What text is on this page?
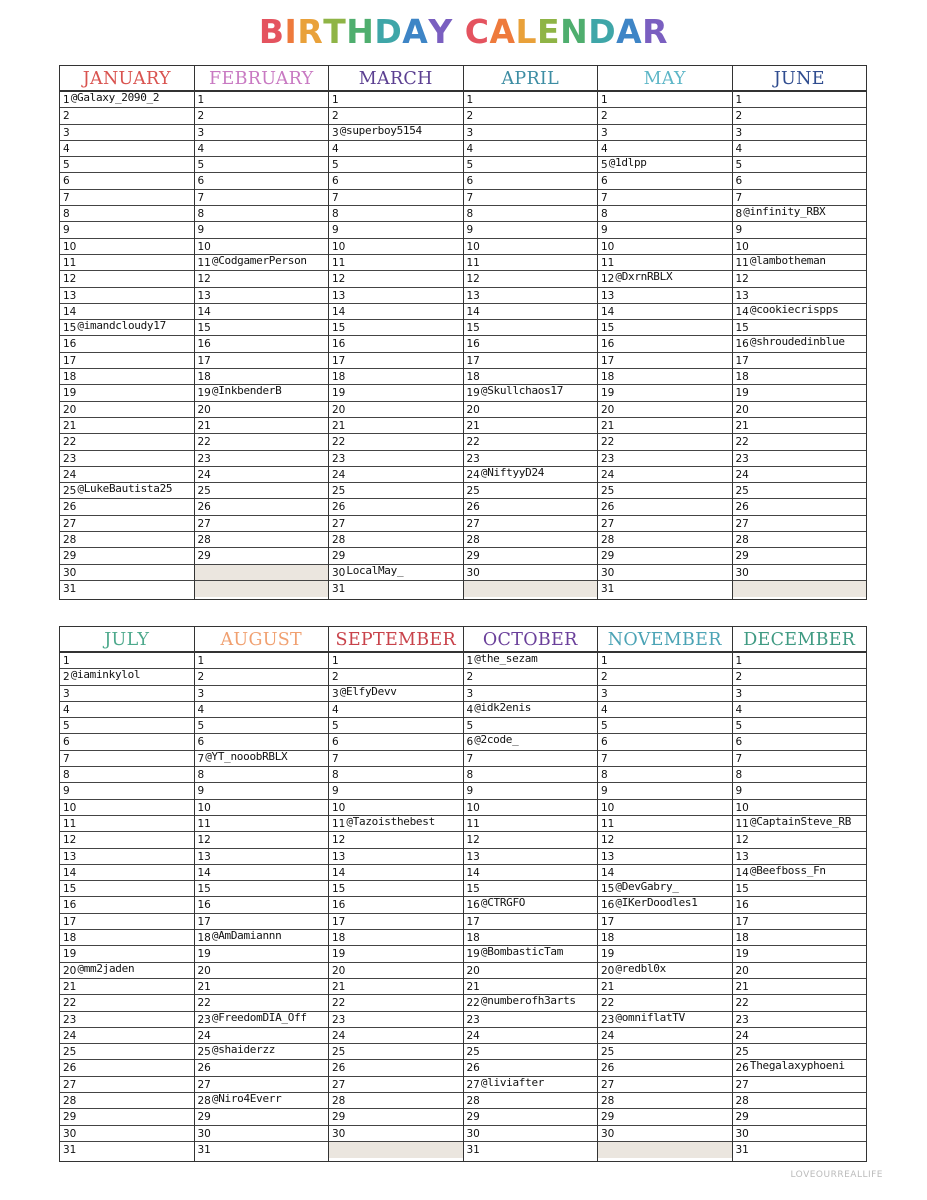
BIRTHDAY CALENDAR
JANUARY
1@Galaxy_2090_2
2
3
4
5
6
7
8
9
10
11
12
13
14
15@imandcloudy17
16
17
18
19
20
21
22
23
24
25@LukeBautista25
26
27
28
29
30
31
FEBRUARY
1
2
3
4
5
6
7
8
9
10
11@CodgamerPerson
12
13
14
15
16
17
18
19@InkbenderB
20
21
22
23
24
25
26
27
28
29
MARCH
1
2
3@superboy5154
4
5
6
7
8
9
10
11
12
13
14
15
16
17
18
19
20
21
22
23
24
25
26
27
28
29
30LocalMay_
31
APRIL
1
2
3
4
5
6
7
8
9
10
11
12
13
14
15
16
17
18
19@Skullchaos17
20
21
22
23
24@NiftyyD24
25
26
27
28
29
30
MAY
1
2
3
4
5@1dlpp
6
7
8
9
10
11
12@DxrnRBLX
13
14
15
16
17
18
19
20
21
22
23
24
25
26
27
28
29
30
31
JUNE
1
2
3
4
5
6
7
8@infinity_RBX
9
10
11@lambotheman
12
13
14@cookiecrispps
15
16@shroudedinblue
17
18
19
20
21
22
23
24
25
26
27
28
29
30
JULY
1
2@iaminkylol
3
4
5
6
7
8
9
10
11
12
13
14
15
16
17
18
19
20@mm2jaden
21
22
23
24
25
26
27
28
29
30
31
AUGUST
1
2
3
4
5
6
7@YT_nooobRBLX
8
9
10
11
12
13
14
15
16
17
18@AmDamiannn
19
20
21
22
23@FreedomDIA_Off
24
25@shaiderzz
26
27
28@Niro4Everr
29
30
31
SEPTEMBER
1
2
3@ElfyDevv
4
5
6
7
8
9
10
11@Tazoisthebest
12
13
14
15
16
17
18
19
20
21
22
23
24
25
26
27
28
29
30
OCTOBER
1@the_sezam
2
3
4@idk2enis
5
6@2code_
7
8
9
10
11
12
13
14
15
16@CTRGFO
17
18
19@BombasticTam
20
21
22@numberofh3arts
23
24
25
26
27@liviafter
28
29
30
31
NOVEMBER
1
2
3
4
5
6
7
8
9
10
11
12
13
14
15@DevGabry_
16@IKerDoodles1
17
18
19
20@redbl0x
21
22
23@omniflatTV
24
25
26
27
28
29
30
DECEMBER
1
2
3
4
5
6
7
8
9
10
11@CaptainSteve_RB
12
13
14@Beefboss_Fn
15
16
17
18
19
20
21
22
23
24
25
26Thegalaxyphoeni
27
28
29
30
31
LOVEOURREALLIFE
